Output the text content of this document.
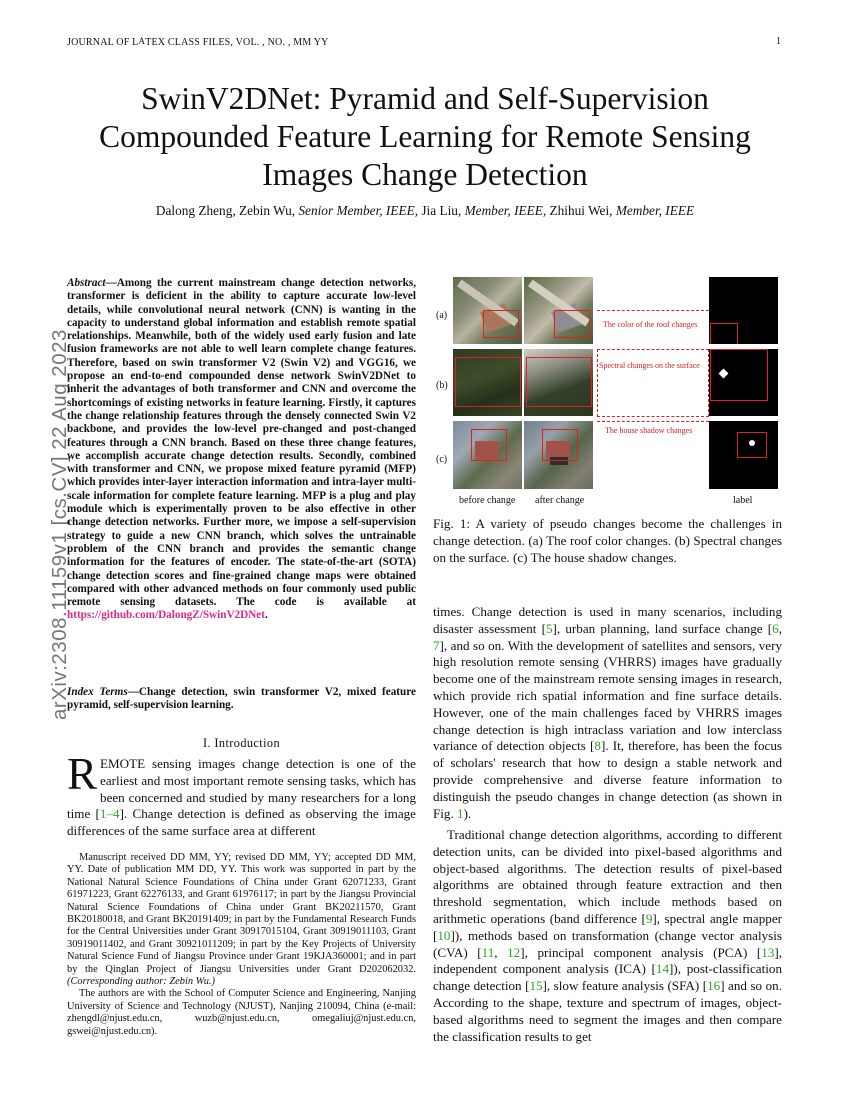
JOURNAL OF LATEX CLASS FILES, VOL. , NO. , MM YY	1
arXiv:2308.11159v1 [cs.CV] 22 Aug 2023
SwinV2DNet: Pyramid and Self-Supervision Compounded Feature Learning for Remote Sensing Images Change Detection
Dalong Zheng, Zebin Wu, Senior Member, IEEE, Jia Liu, Member, IEEE, Zhihui Wei, Member, IEEE
Abstract—Among the current mainstream change detection networks, transformer is deficient in the ability to capture accurate low-level details, while convolutional neural network (CNN) is wanting in the capacity to understand global information and establish remote spatial relationships. Meanwhile, both of the widely used early fusion and late fusion frameworks are not able to well learn complete change features. Therefore, based on swin transformer V2 (Swin V2) and VGG16, we propose an end-to-end compounded dense network SwinV2DNet to inherit the advantages of both transformer and CNN and overcome the shortcomings of existing networks in feature learning. Firstly, it captures the change relationship features through the densely connected Swin V2 backbone, and provides the low-level pre-changed and post-changed features through a CNN branch. Based on these three change features, we accomplish accurate change detection results. Secondly, combined with transformer and CNN, we propose mixed feature pyramid (MFP) which provides inter-layer interaction information and intra-layer multi-scale information for complete feature learning. MFP is a plug and play module which is experimentally proven to be also effective in other change detection networks. Further more, we impose a self-supervision strategy to guide a new CNN branch, which solves the untrainable problem of the CNN branch and provides the semantic change information for the features of encoder. The state-of-the-art (SOTA) change detection scores and fine-grained change maps were obtained compared with other advanced methods on four commonly used public remote sensing datasets. The code is available at https://github.com/DalongZ/SwinV2DNet.
Index Terms—Change detection, swin transformer V2, mixed feature pyramid, self-supervision learning.
I. Introduction
REMOTE sensing images change detection is one of the earliest and most important remote sensing tasks, which has been concerned and studied by many researchers for a long time [1–4]. Change detection is defined as observing the image differences of the same surface area at different

Manuscript received DD MM, YY; revised DD MM, YY; accepted DD MM, YY. Date of publication MM DD, YY. This work was supported in part by the National Natural Science Foundations of China under Grant 62071233, Grant 61971223, Grant 62276133, and Grant 61976117; in part by the Jiangsu Provincial Natural Science Foundations of China under Grant BK20211570, Grant BK20180018, and Grant BK20191409; in part by the Fundamental Research Funds for the Central Universities under Grant 30917015104, Grant 30919011103, Grant 30919011402, and Grant 30921011209; in part by the Key Projects of University Natural Science Fund of Jiangsu Province under Grant 19KJA360001; and in part by the Qinglan Project of Jiangsu Universities under Grant D202062032. (Corresponding author: Zebin Wu.)

The authors are with the School of Computer Science and Engineering, Nanjing University of Science and Technology (NJUST), Nanjing 210094, China (e-mail: zhengdl@njust.edu.cn, wuzb@njust.edu.cn, omegaliuj@njust.edu.cn, gswei@njust.edu.cn).

(a)
(b)
(c)
The color of the roof changes
Spectral changes on the surface
The house shadow changes
before change after change	label
Fig. 1: A variety of pseudo changes become the challenges in change detection. (a) The roof color changes. (b) Spectral changes on the surface. (c) The house shadow changes.

times. Change detection is used in many scenarios, including disaster assessment [5], urban planning, land surface change [6, 7], and so on. With the development of satellites and sensors, very high resolution remote sensing (VHRRS) images have gradually become one of the mainstream remote sensing images in research, which provide rich spatial information and fine surface details. However, one of the main challenges faced by VHRRS images change detection is high intraclass variation and low interclass variance of detection objects [8]. It, therefore, has been the focus of scholars' research that how to design a stable network and provide comprehensive and diverse feature information to distinguish the pseudo changes in change detection (as shown in Fig. 1).

Traditional change detection algorithms, according to different detection units, can be divided into pixel-based algorithms and object-based algorithms. The detection results of pixel-based algorithms are obtained through feature extraction and then threshold segmentation, which include methods based on arithmetic operations (band difference [9], spectral angle mapper [10]), methods based on transformation (change vector analysis (CVA) [11, 12], principal component analysis (PCA) [13], independent component analysis (ICA) [14]), post-classification change detection [15], slow feature analysis (SFA) [16] and so on. According to the shape, texture and spectrum of images, object-based algorithms need to segment the images and then compare the classification results to get
